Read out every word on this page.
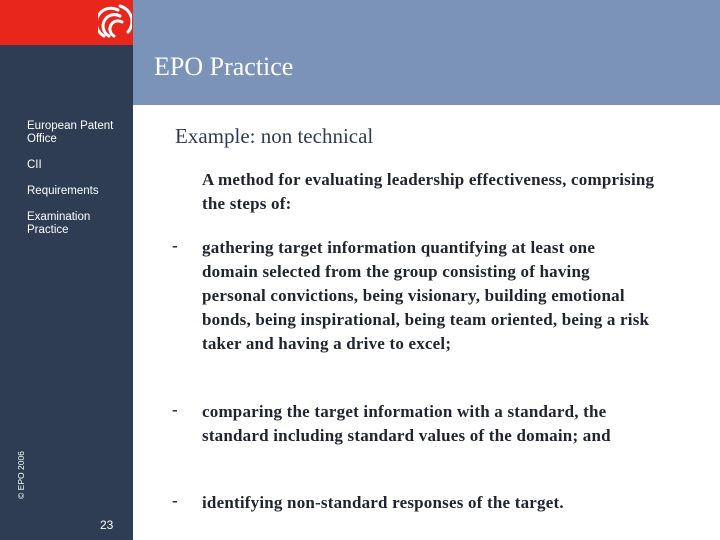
EPO Practice
European Patent Office
CII
Requirements
Examination Practice
© EPO 2006
23
Example: non technical
A method for evaluating leadership effectiveness, comprising the steps of:
- gathering target information quantifying at least one domain selected from the group consisting of having personal convictions, being visionary, building emotional bonds, being inspirational, being team oriented, being a risk taker and having a drive to excel;
- comparing the target information with a standard, the standard including standard values of the domain; and
- identifying non-standard responses of the target.
